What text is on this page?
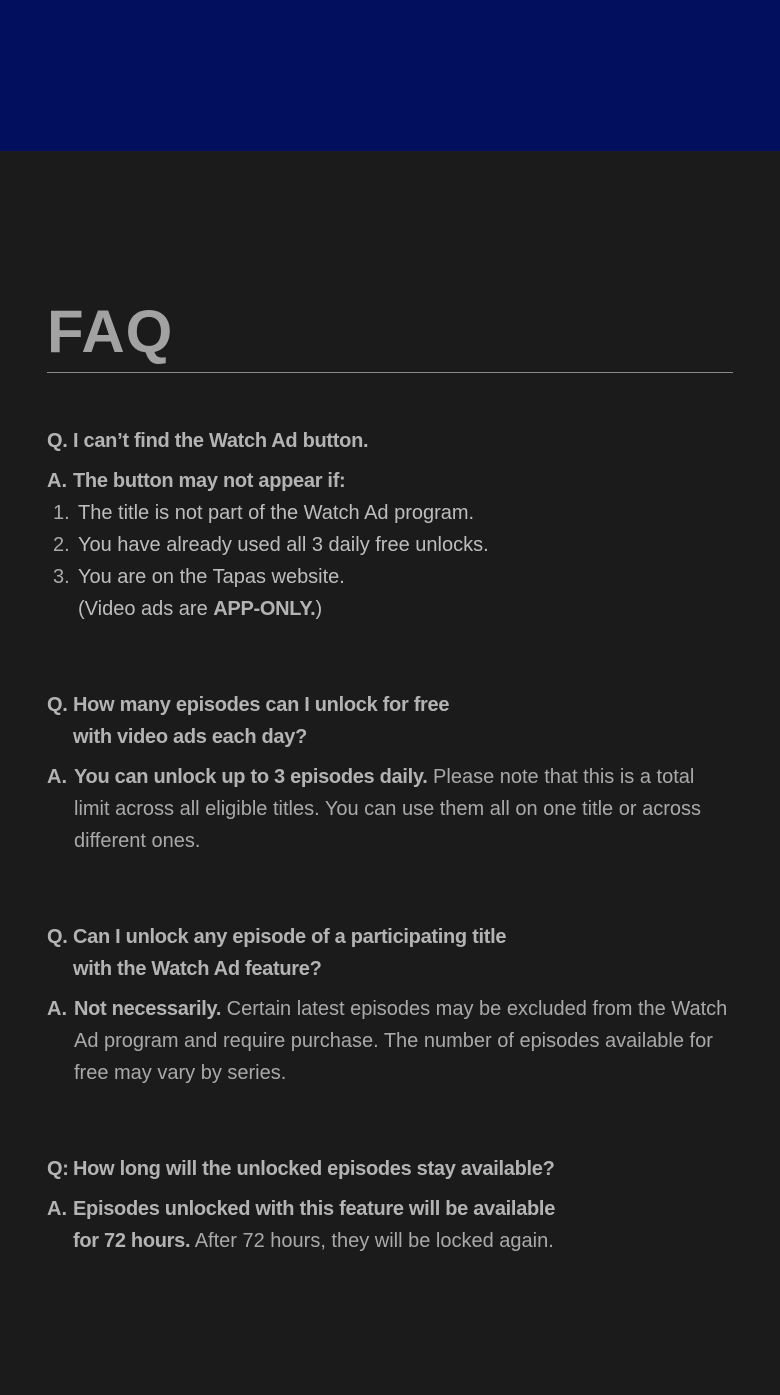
FAQ
Q. I can’t find the Watch Ad button.
A. The button may not appear if:
1. The title is not part of the Watch Ad program.
2. You have already used all 3 daily free unlocks.
3. You are on the Tapas website.
(Video ads are APP-ONLY.)
Q. How many episodes can I unlock for free
with video ads each day?
A. You can unlock up to 3 episodes daily. Please note that this is a total limit across all eligible titles. You can use them all on one title or across different ones.
Q. Can I unlock any episode of a participating title
with the Watch Ad feature?
A. Not necessarily. Certain latest episodes may be excluded from the Watch Ad program and require purchase. The number of episodes available for free may vary by series.
Q: How long will the unlocked episodes stay available?
A. Episodes unlocked with this feature will be available
for 72 hours. After 72 hours, they will be locked again.
